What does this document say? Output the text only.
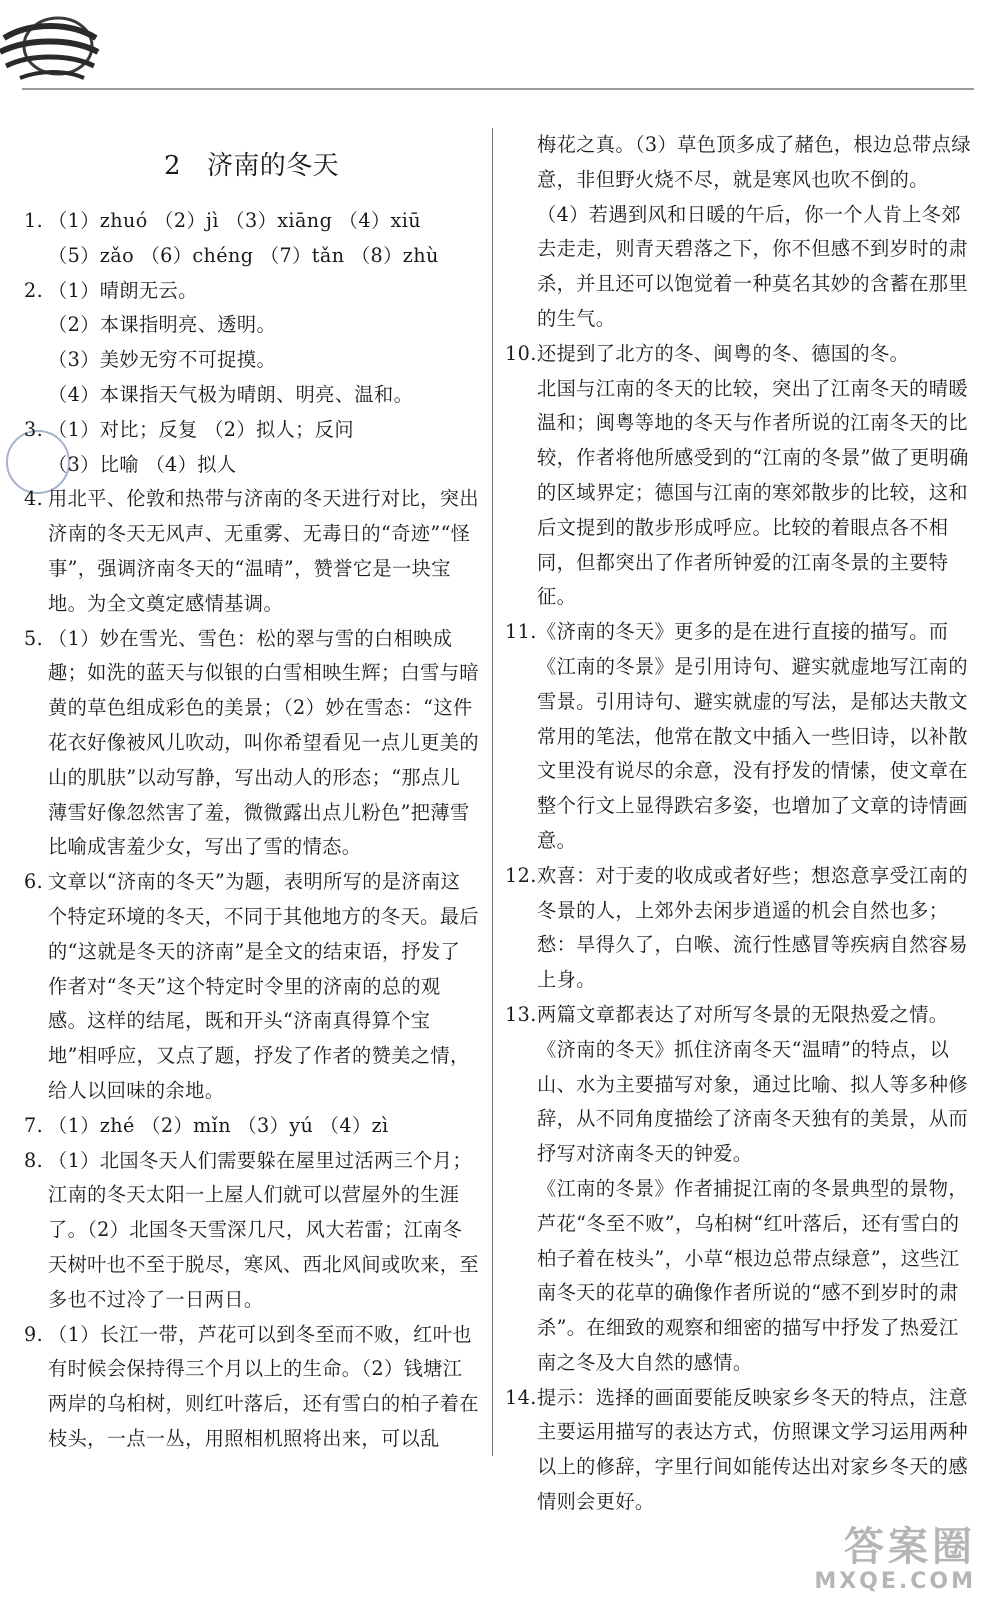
2 济南的冬天
1. （1）zhuó （2）jì （3）xiāng （4）xiū
（5）zǎo （6）chéng （7）tǎn （8）zhù
2. （1）晴朗无云。
（2）本课指明亮、透明。
（3）美妙无穷不可捉摸。
（4）本课指天气极为晴朗、明亮、温和。
3. （1）对比；反复 （2）拟人；反问
（3）比喻 （4）拟人
4. 用北平、伦敦和热带与济南的冬天进行对比，突出济南的冬天无风声、无重雾、无毒日的“奇迹”“怪事”，强调济南冬天的“温晴”，赞誉它是一块宝地。为全文奠定感情基调。
5. （1）妙在雪光、雪色：松的翠与雪的白相映成趣；如洗的蓝天与似银的白雪相映生辉；白雪与暗黄的草色组成彩色的美景；（2）妙在雪态：“这件花衣好像被风儿吹动，叫你希望看见一点儿更美的山的肌肤”以动写静，写出动人的形态；“那点儿薄雪好像忽然害了羞，微微露出点儿粉色”把薄雪比喻成害羞少女，写出了雪的情态。
6. 文章以“济南的冬天”为题，表明所写的是济南这个特定环境的冬天，不同于其他地方的冬天。最后的“这就是冬天的济南”是全文的结束语，抒发了作者对“冬天”这个特定时令里的济南的总的观感。这样的结尾，既和开头“济南真得算个宝地”相呼应，又点了题，抒发了作者的赞美之情，给人以回味的余地。
7. （1）zhé （2）mǐn （3）yú （4）zì
8. （1）北国冬天人们需要躲在屋里过活两三个月；江南的冬天太阳一上屋人们就可以营屋外的生涯了。（2）北国冬天雪深几尺，风大若雷；江南冬天树叶也不至于脱尽，寒风、西北风间或吹来，至多也不过冷了一日两日。
9. （1）长江一带，芦花可以到冬至而不败，红叶也有时候会保持得三个月以上的生命。（2）钱塘江两岸的乌桕树，则红叶落后，还有雪白的柏子着在枝头，一点一丛，用照相机照将出来，可以乱
梅花之真。（3）草色顶多成了赭色，根边总带点绿意，非但野火烧不尽，就是寒风也吹不倒的。
（4）若遇到风和日暖的午后，你一个人肯上冬郊去走走，则青天碧落之下，你不但感不到岁时的肃杀，并且还可以饱觉着一种莫名其妙的含蓄在那里的生气。
10. 还提到了北方的冬、闽粤的冬、德国的冬。
北国与江南的冬天的比较，突出了江南冬天的晴暖温和；闽粤等地的冬天与作者所说的江南冬天的比较，作者将他所感受到的“江南的冬景”做了更明确的区域界定；德国与江南的寒郊散步的比较，这和后文提到的散步形成呼应。比较的着眼点各不相同，但都突出了作者所钟爱的江南冬景的主要特征。
11. 《济南的冬天》更多的是在进行直接的描写。而《江南的冬景》是引用诗句、避实就虚地写江南的雪景。引用诗句、避实就虚的写法，是郁达夫散文常用的笔法，他常在散文中插入一些旧诗，以补散文里没有说尽的余意，没有抒发的情愫，使文章在整个行文上显得跌宕多姿，也增加了文章的诗情画意。
12. 欢喜：对于麦的收成或者好些；想恣意享受江南的冬景的人，上郊外去闲步逍遥的机会自然也多；愁：旱得久了，白喉、流行性感冒等疾病自然容易上身。
13. 两篇文章都表达了对所写冬景的无限热爱之情。《济南的冬天》抓住济南冬天“温晴”的特点，以山、水为主要描写对象，通过比喻、拟人等多种修辞，从不同角度描绘了济南冬天独有的美景，从而抒写对济南冬天的钟爱。
《江南的冬景》作者捕捉江南的冬景典型的景物，芦花“冬至不败”，乌桕树“红叶落后，还有雪白的柏子着在枝头”，小草“根边总带点绿意”，这些江南冬天的花草的确像作者所说的“感不到岁时的肃杀”。在细致的观察和细密的描写中抒发了热爱江南之冬及大自然的感情。
14. 提示：选择的画面要能反映家乡冬天的特点，注意主要运用描写的表达方式，仿照课文学习运用两种以上的修辞，字里行间如能传达出对家乡冬天的感情则会更好。
答案圈
MXQE.COM
